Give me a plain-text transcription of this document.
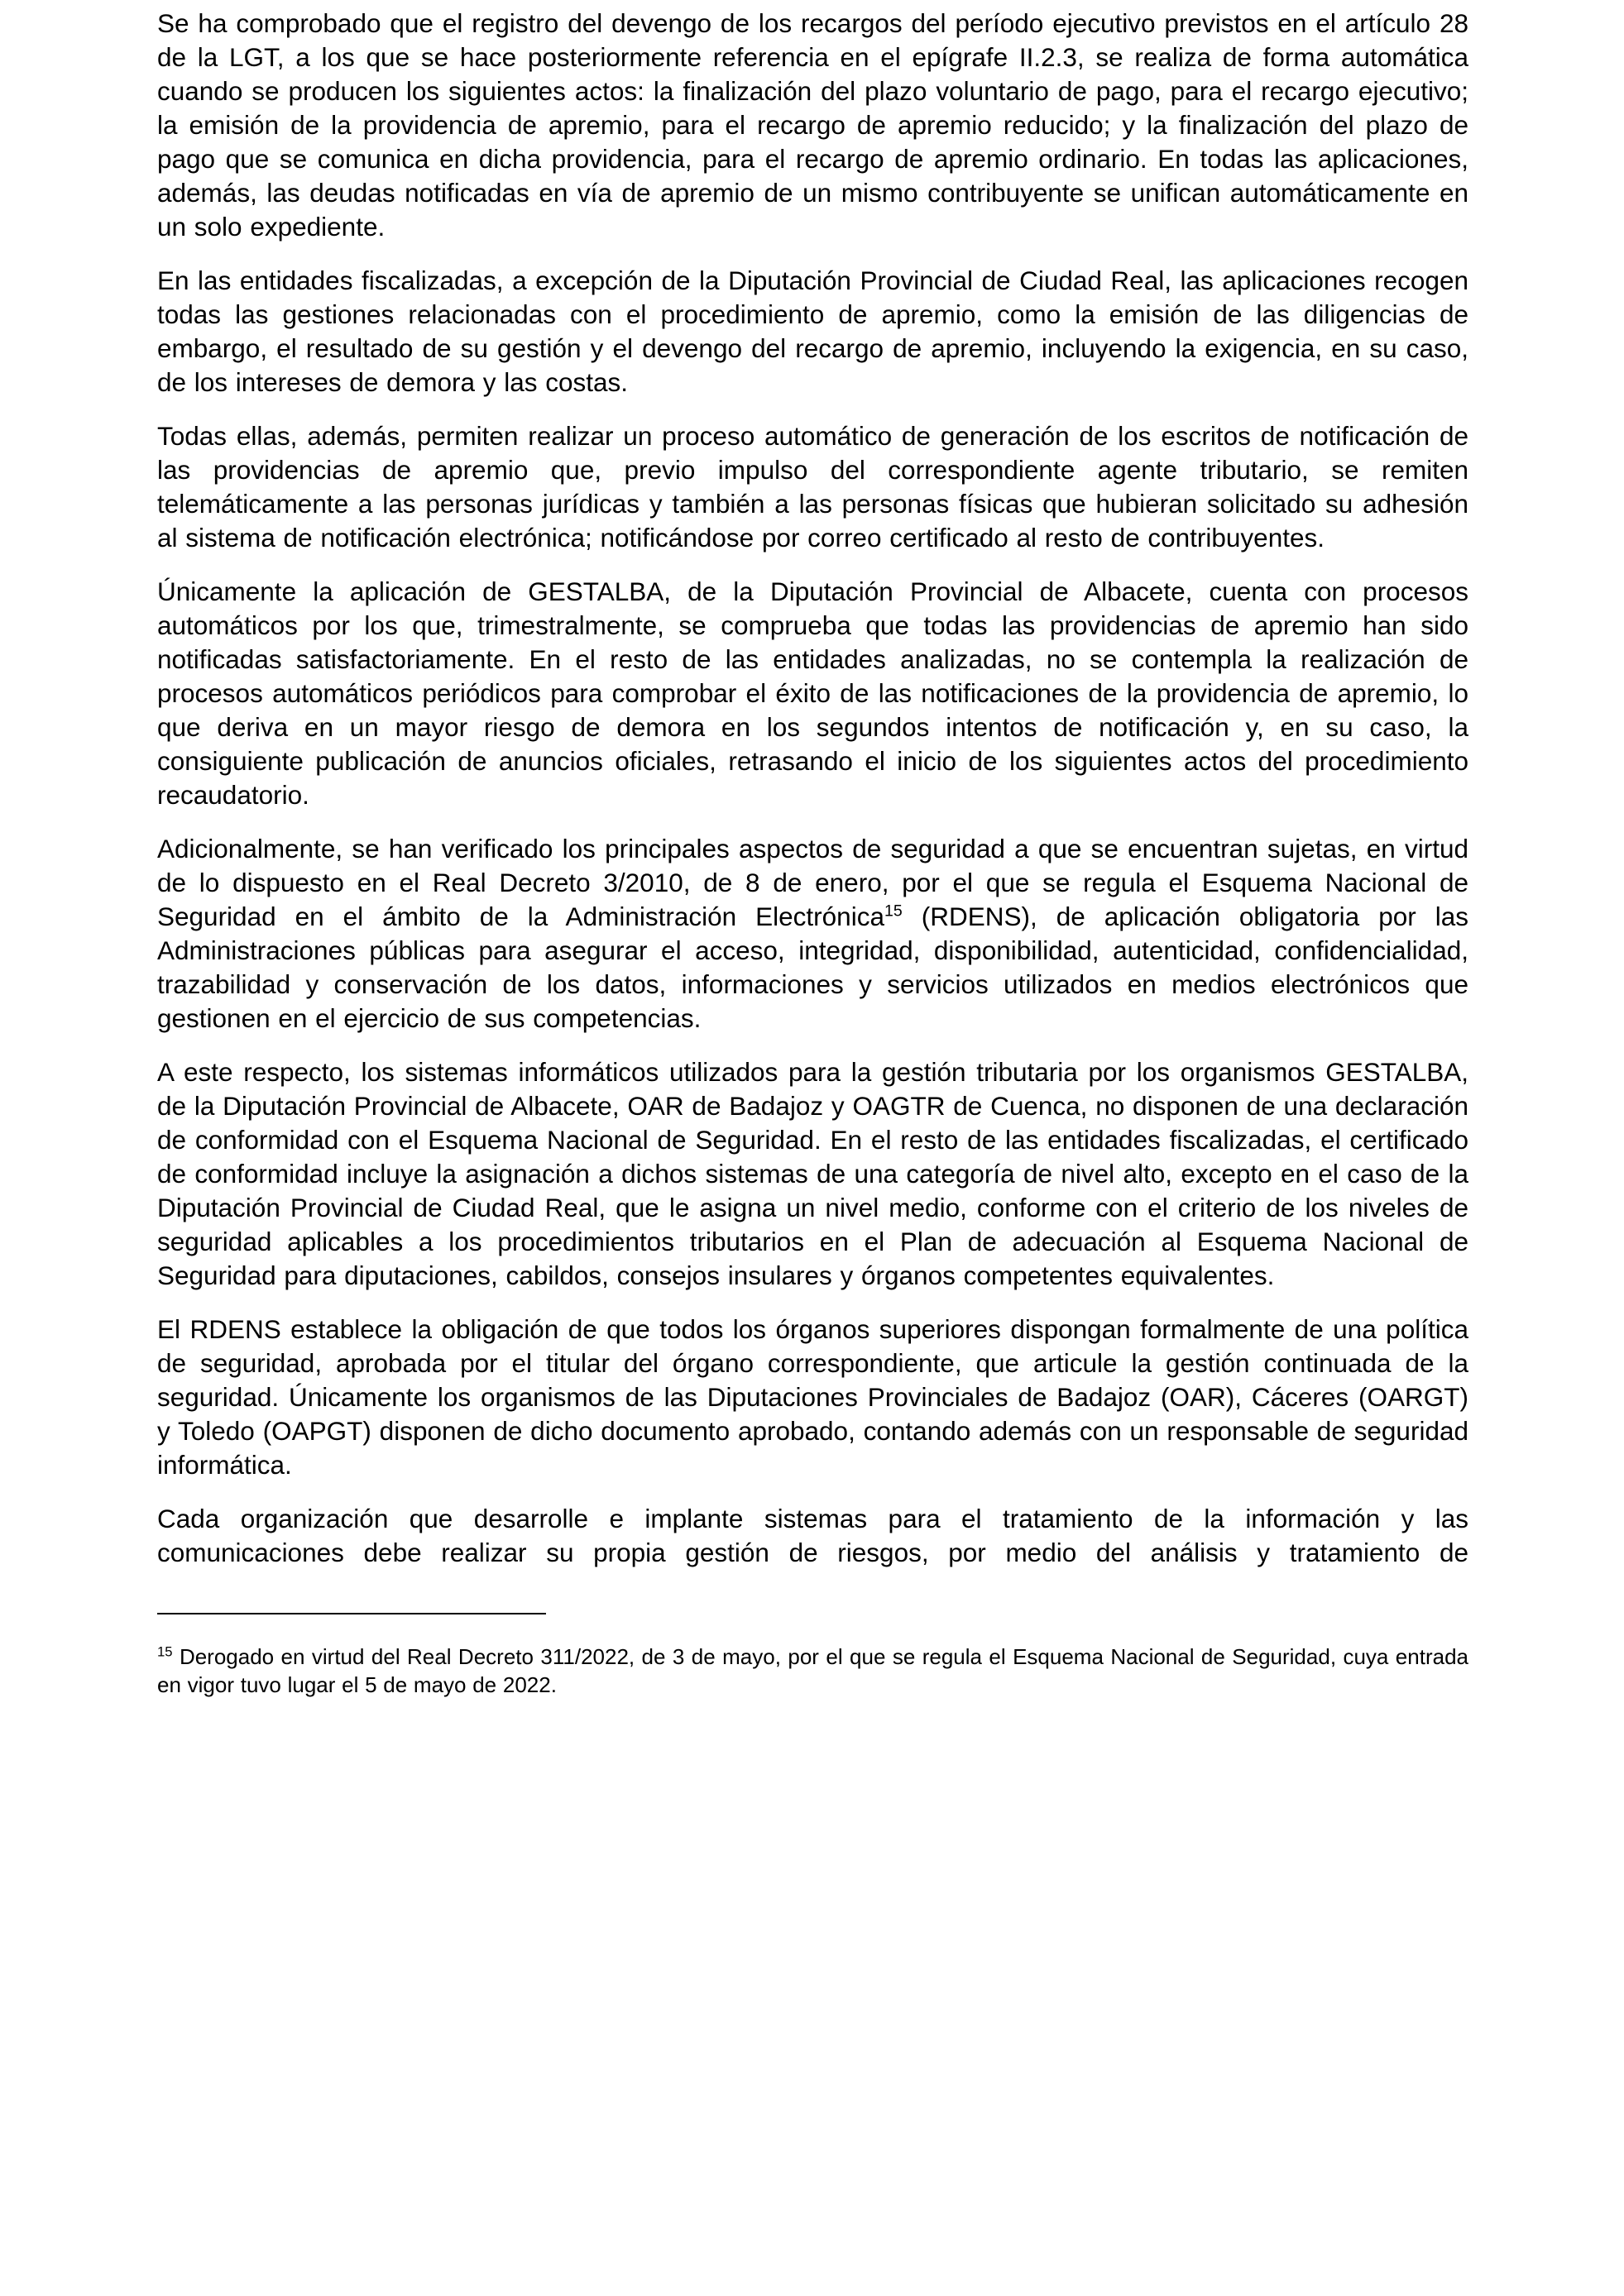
Se ha comprobado que el registro del devengo de los recargos del período ejecutivo previstos en el artículo 28 de la LGT, a los que se hace posteriormente referencia en el epígrafe II.2.3, se realiza de forma automática cuando se producen los siguientes actos: la finalización del plazo voluntario de pago, para el recargo ejecutivo; la emisión de la providencia de apremio, para el recargo de apremio reducido; y la finalización del plazo de pago que se comunica en dicha providencia, para el recargo de apremio ordinario. En todas las aplicaciones, además, las deudas notificadas en vía de apremio de un mismo contribuyente se unifican automáticamente en un solo expediente.

En las entidades fiscalizadas, a excepción de la Diputación Provincial de Ciudad Real, las aplicaciones recogen todas las gestiones relacionadas con el procedimiento de apremio, como la emisión de las diligencias de embargo, el resultado de su gestión y el devengo del recargo de apremio, incluyendo la exigencia, en su caso, de los intereses de demora y las costas.

Todas ellas, además, permiten realizar un proceso automático de generación de los escritos de notificación de las providencias de apremio que, previo impulso del correspondiente agente tributario, se remiten telemáticamente a las personas jurídicas y también a las personas físicas que hubieran solicitado su adhesión al sistema de notificación electrónica; notificándose por correo certificado al resto de contribuyentes.

Únicamente la aplicación de GESTALBA, de la Diputación Provincial de Albacete, cuenta con procesos automáticos por los que, trimestralmente, se comprueba que todas las providencias de apremio han sido notificadas satisfactoriamente. En el resto de las entidades analizadas, no se contempla la realización de procesos automáticos periódicos para comprobar el éxito de las notificaciones de la providencia de apremio, lo que deriva en un mayor riesgo de demora en los segundos intentos de notificación y, en su caso, la consiguiente publicación de anuncios oficiales, retrasando el inicio de los siguientes actos del procedimiento recaudatorio.

Adicionalmente, se han verificado los principales aspectos de seguridad a que se encuentran sujetas, en virtud de lo dispuesto en el Real Decreto 3/2010, de 8 de enero, por el que se regula el Esquema Nacional de Seguridad en el ámbito de la Administración Electrónica$^{15}$ (RDENS), de aplicación obligatoria por las Administraciones públicas para asegurar el acceso, integridad, disponibilidad, autenticidad, confidencialidad, trazabilidad y conservación de los datos, informaciones y servicios utilizados en medios electrónicos que gestionen en el ejercicio de sus competencias.

A este respecto, los sistemas informáticos utilizados para la gestión tributaria por los organismos GESTALBA, de la Diputación Provincial de Albacete, OAR de Badajoz y OAGTR de Cuenca, no disponen de una declaración de conformidad con el Esquema Nacional de Seguridad. En el resto de las entidades fiscalizadas, el certificado de conformidad incluye la asignación a dichos sistemas de una categoría de nivel alto, excepto en el caso de la Diputación Provincial de Ciudad Real, que le asigna un nivel medio, conforme con el criterio de los niveles de seguridad aplicables a los procedimientos tributarios en el Plan de adecuación al Esquema Nacional de Seguridad para diputaciones, cabildos, consejos insulares y órganos competentes equivalentes.

El RDENS establece la obligación de que todos los órganos superiores dispongan formalmente de una política de seguridad, aprobada por el titular del órgano correspondiente, que articule la gestión continuada de la seguridad. Únicamente los organismos de las Diputaciones Provinciales de Badajoz (OAR), Cáceres (OARGT) y Toledo (OAPGT) disponen de dicho documento aprobado, contando además con un responsable de seguridad informática.

Cada organización que desarrolle e implante sistemas para el tratamiento de la información y las comunicaciones debe realizar su propia gestión de riesgos, por medio del análisis y tratamiento de

$^{15}$ Derogado en virtud del Real Decreto 311/2022, de 3 de mayo, por el que se regula el Esquema Nacional de Seguridad, cuya entrada en vigor tuvo lugar el 5 de mayo de 2022.
